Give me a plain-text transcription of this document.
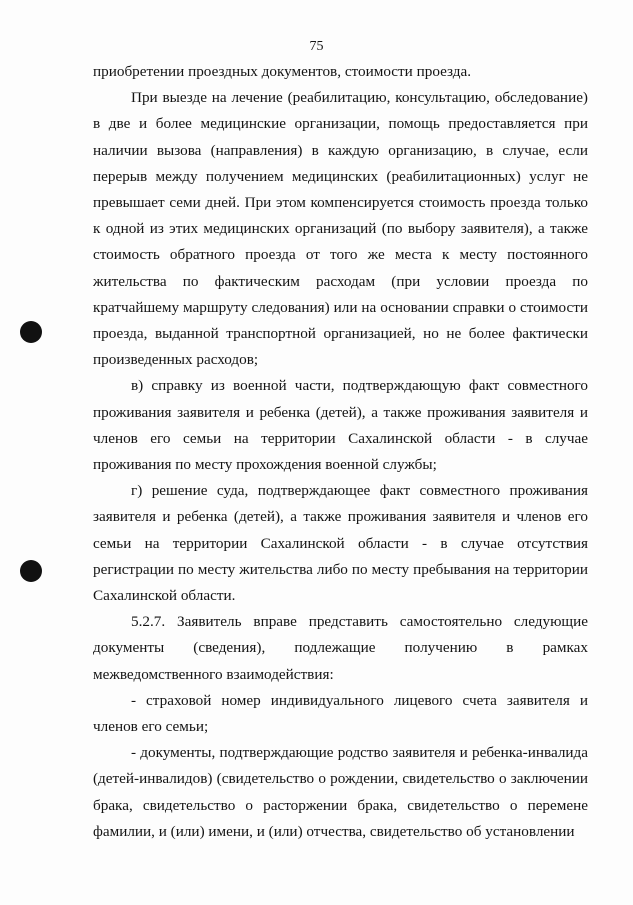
75

приобретении проездных документов, стоимости проезда.

При выезде на лечение (реабилитацию, консультацию, обследование) в две и более медицинские организации, помощь предоставляется при наличии вызова (направления) в каждую организацию, в случае, если перерыв между получением медицинских (реабилитационных) услуг не превышает семи дней. При этом компенсируется стоимость проезда только к одной из этих медицинских организаций (по выбору заявителя), а также стоимость обратного проезда от того же места к месту постоянного жительства по фактическим расходам (при условии проезда по кратчайшему маршруту следования) или на основании справки о стоимости проезда, выданной транспортной организацией, но не более фактически произведенных расходов;

в) справку из военной части, подтверждающую факт совместного проживания заявителя и ребенка (детей), а также проживания заявителя и членов его семьи на территории Сахалинской области - в случае проживания по месту прохождения военной службы;

г) решение суда, подтверждающее факт совместного проживания заявителя и ребенка (детей), а также проживания заявителя и членов его семьи на территории Сахалинской области - в случае отсутствия регистрации по месту жительства либо по месту пребывания на территории Сахалинской области.

5.2.7. Заявитель вправе представить самостоятельно следующие документы (сведения), подлежащие получению в рамках межведомственного взаимодействия:

- страховой номер индивидуального лицевого счета заявителя и членов его семьи;

- документы, подтверждающие родство заявителя и ребенка-инвалида (детей-инвалидов) (свидетельство о рождении, свидетельство о заключении брака, свидетельство о расторжении брака, свидетельство о перемене фамилии, и (или) имени, и (или) отчества, свидетельство об установлении
